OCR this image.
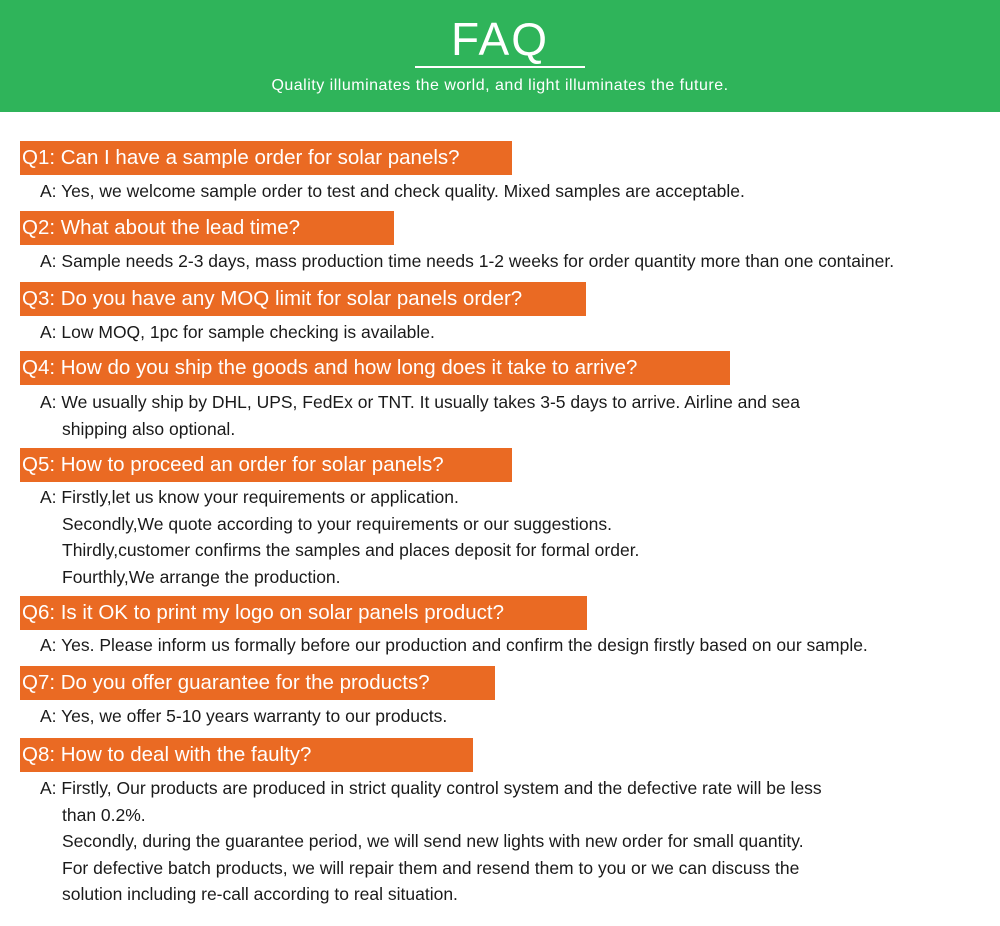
FAQ
Quality illuminates the world, and light illuminates the future.
Q1: Can I have a sample order for solar panels?
A: Yes, we welcome sample order to test and check quality. Mixed samples are acceptable.
Q2: What about the lead time?
A: Sample needs 2-3 days, mass production time needs 1-2 weeks for order quantity more than one container.
Q3: Do you have any MOQ limit for solar panels order?
A: Low MOQ, 1pc for sample checking is available.
Q4: How do you ship the goods and how long does it take to arrive?
A: We usually ship by DHL, UPS, FedEx or TNT. It usually takes 3-5 days to arrive. Airline and sea
shipping also optional.
Q5: How to proceed an order for solar panels?
A: Firstly,let us know your requirements or application.
Secondly,We quote according to your requirements or our suggestions.
Thirdly,customer confirms the samples and places deposit for formal order.
Fourthly,We arrange the production.
Q6: Is it OK to print my logo on solar panels product?
A: Yes. Please inform us formally before our production and confirm the design firstly based on our sample.
Q7: Do you offer guarantee for the products?
A: Yes, we offer 5-10 years warranty to our products.
Q8: How to deal with the faulty?
A: Firstly, Our products are produced in strict quality control system and the defective rate will be less
than 0.2%.
Secondly, during the guarantee period, we will send new lights with new order for small quantity.
For defective batch products, we will repair them and resend them to you or we can discuss the
solution including re-call according to real situation.
